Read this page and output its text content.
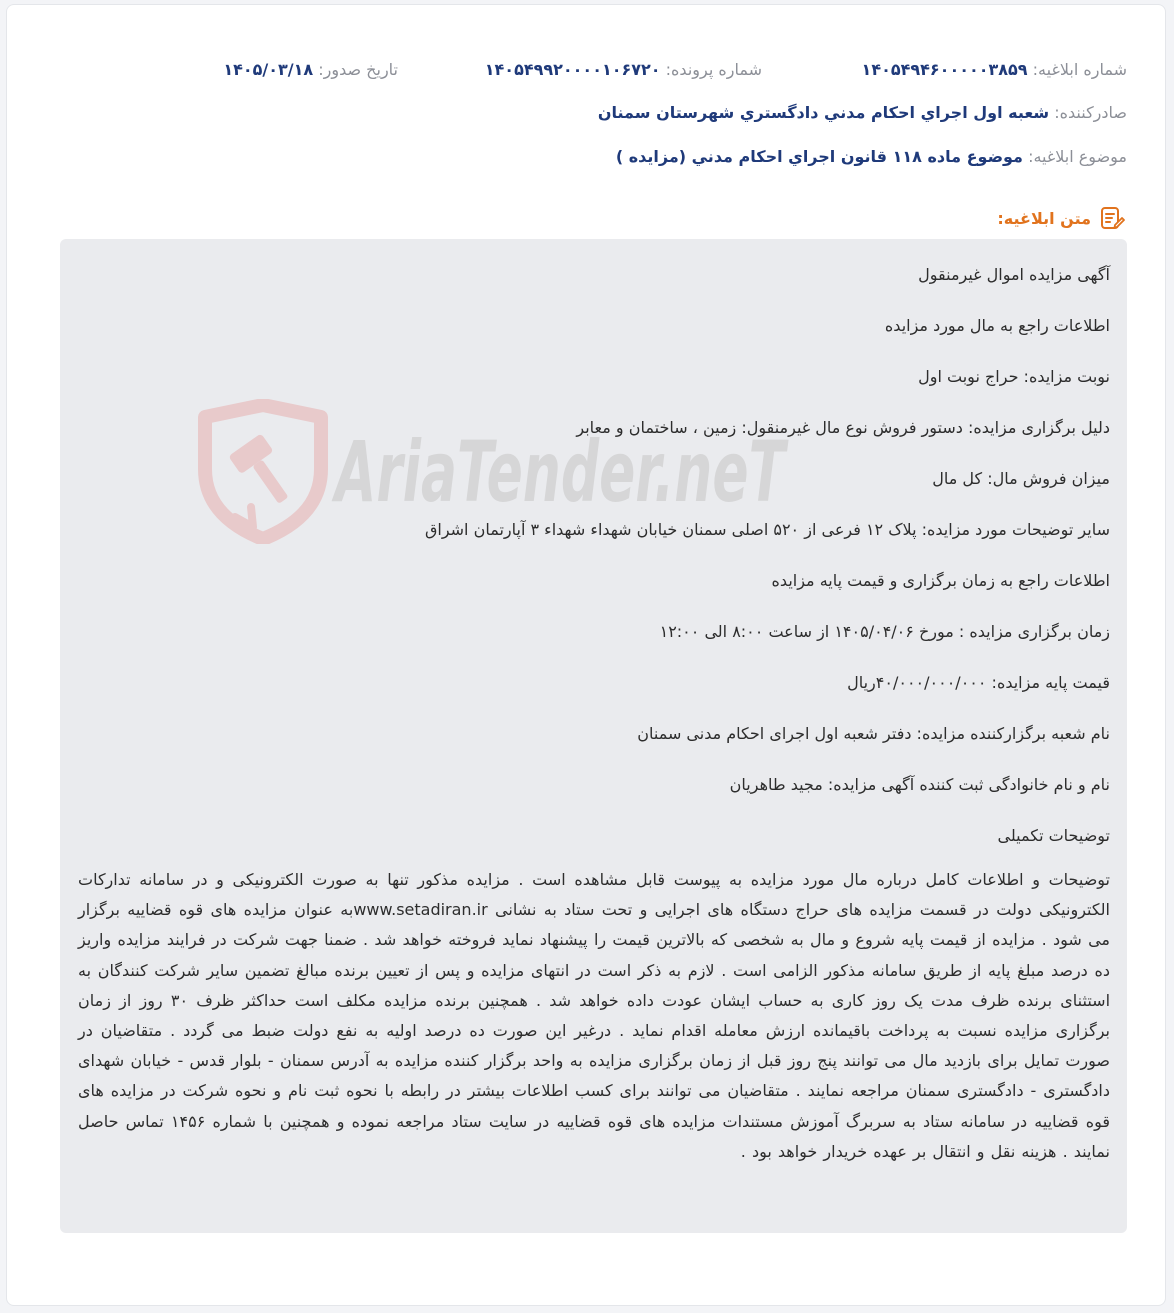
شماره ابلاغیه: ۱۴۰۵۴۹۴۶۰۰۰۰۰۳۸۵۹
شماره پرونده: ۱۴۰۵۴۹۹۲۰۰۰۰۱۰۶۷۲۰
تاریخ صدور: ۱۴۰۵/۰۳/۱۸
صادرکننده: شعبه اول اجراي احکام مدني دادگستري شهرستان سمنان
موضوع ابلاغیه: موضوع ماده ۱۱۸ قانون اجراي احکام مدني (مزايده )
متن ابلاغیه:
AriaTender.neT
آگهی مزایده اموال غیرمنقول
اطلاعات راجع به مال مورد مزایده
نوبت مزایده: حراج نوبت اول
دلیل برگزاری مزایده: دستور فروش نوع مال غیرمنقول: زمین ، ساختمان و معابر
میزان فروش مال: کل مال
سایر توضیحات مورد مزایده: پلاک ۱۲ فرعی از ۵۲۰ اصلی سمنان خیابان شهداء شهداء ۳ آپارتمان اشراق
اطلاعات راجع به زمان برگزاری و قیمت پایه مزایده
زمان برگزاری مزایده : مورخ ۱۴۰۵/۰۴/۰۶ از ساعت ۸:۰۰ الی ۱۲:۰۰
قیمت پایه مزایده: ۴۰/۰۰۰/۰۰۰/۰۰۰ریال
نام شعبه برگزارکننده مزایده: دفتر شعبه اول اجرای احکام مدنی سمنان
نام و نام خانوادگی ثبت کننده آگهی مزایده: مجید طاهریان
توضیحات تکمیلی
توضیحات و اطلاعات کامل درباره مال مورد مزایده به پیوست قابل مشاهده است . مزایده مذکور تنها به صورت الکترونیکی و در سامانه تدارکات الکترونیکی دولت در قسمت مزایده های حراج دستگاه های اجرایی و تحت ستاد به نشانی www.setadiran.irبه عنوان مزایده های قوه قضاییه برگزار می شود . مزایده از قیمت پایه شروع و مال به شخصی که بالاترین قیمت را پیشنهاد نماید فروخته خواهد شد . ضمنا جهت شرکت در فرایند مزایده واریز ده درصد مبلغ پایه از طریق سامانه مذکور الزامی است . لازم به ذکر است در انتهای مزایده و پس از تعیین برنده مبالغ تضمین سایر شرکت کنندگان به استثنای برنده ظرف مدت یک روز کاری به حساب ایشان عودت داده خواهد شد . همچنین برنده مزایده مکلف است حداکثر ظرف ۳۰ روز از زمان برگزاری مزایده نسبت به پرداخت باقیمانده ارزش معامله اقدام نماید . درغیر این صورت ده درصد اولیه به نفع دولت ضبط می گردد . متقاضیان در صورت تمایل برای بازدید مال می توانند پنج روز قبل از زمان برگزاری مزایده به واحد برگزار کننده مزایده به آدرس سمنان - بلوار قدس - خیابان شهدای دادگستری - دادگستری سمنان مراجعه نمایند . متقاضیان می توانند برای کسب اطلاعات بیشتر در رابطه با نحوه ثبت نام و نحوه شرکت در مزایده های قوه قضاییه در سامانه ستاد به سربرگ آموزش مستندات مزایده های قوه قضاییه در سایت ستاد مراجعه نموده و همچنین با شماره ۱۴۵۶ تماس حاصل نمایند . هزینه نقل و انتقال بر عهده خریدار خواهد بود .
